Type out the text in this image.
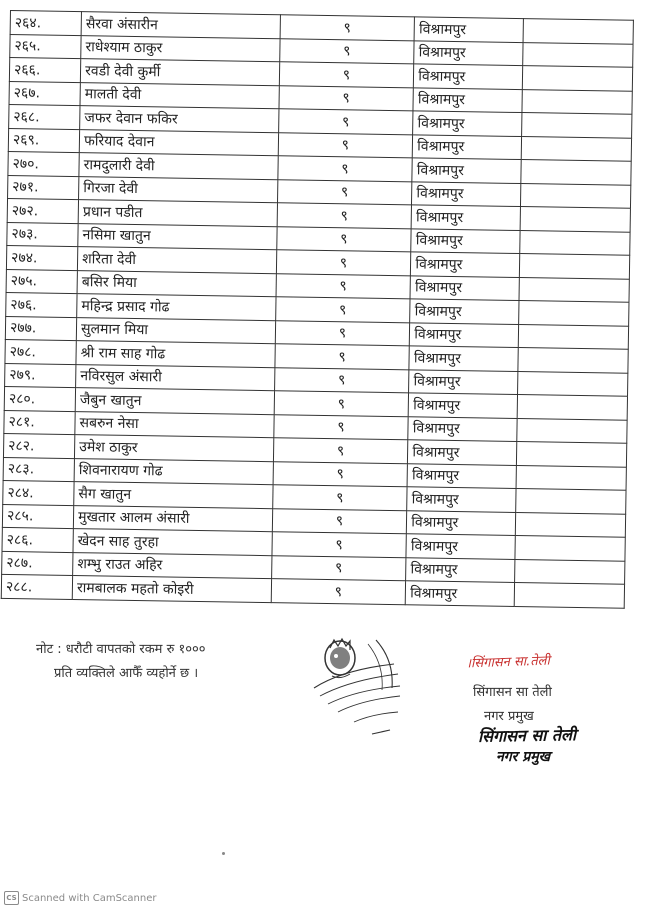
२६४.	सैरवा अंसारीन	९	विश्रामपुर	
२६५.	राधेश्याम ठाकुर	९	विश्रामपुर	
२६६.	रवडी देवी कुर्मी	९	विश्रामपुर	
२६७.	मालती देवी	९	विश्रामपुर	
२६८.	जफर देवान फकिर	९	विश्रामपुर	
२६९.	फरियाद देवान	९	विश्रामपुर	
२७०.	रामदुलारी देवी	९	विश्रामपुर	
२७१.	गिरजा देवी	९	विश्रामपुर	
२७२.	प्रधान पडीत	९	विश्रामपुर	
२७३.	नसिमा खातुन	९	विश्रामपुर	
२७४.	शरिता देवी	९	विश्रामपुर	
२७५.	बसिर मिया	९	विश्रामपुर	
२७६.	महिन्द्र प्रसाद गोढ	९	विश्रामपुर	
२७७.	सुलमान मिया	९	विश्रामपुर	
२७८.	श्री राम साह गोढ	९	विश्रामपुर	
२७९.	नविरसुल अंसारी	९	विश्रामपुर	
२८०.	जैबुन खातुन	९	विश्रामपुर	
२८१.	सबरुन नेसा	९	विश्रामपुर	
२८२.	उमेश ठाकुर	९	विश्रामपुर	
२८३.	शिवनारायण गोढ	९	विश्रामपुर	
२८४.	सैग खातुन	९	विश्रामपुर	
२८५.	मुखतार आलम अंसारी	९	विश्रामपुर	
२८६.	खेदन साह तुरहा	९	विश्रामपुर	
२८७.	शम्भु राउत अहिर	९	विश्रामपुर	
२८८.	रामबालक महतो कोइरी	९	विश्रामपुर	
नोट : धरौटी वापतको रकम रु १०००
प्रति व्यक्तिले आफैँ व्यहोर्ने छ ।
।सिंगासन सा.तेली
सिंगासन सा तेली
नगर प्रमुख
सिंगासन सा तेली
नगर प्रमुख
CS Scanned with CamScanner
